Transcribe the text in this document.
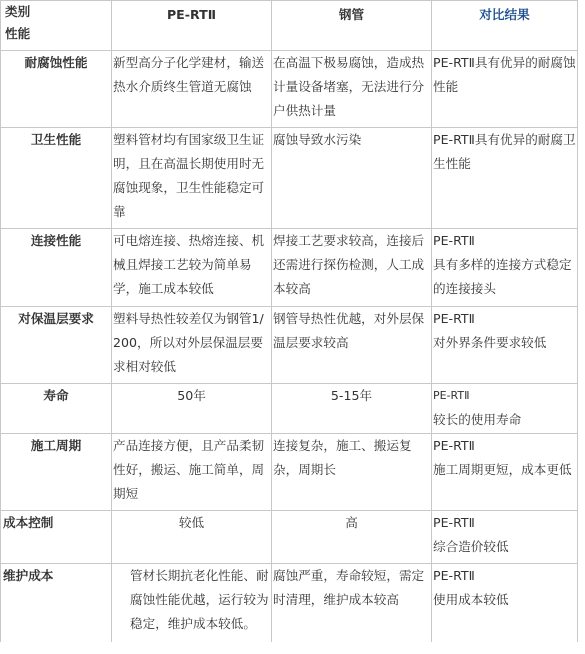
类别
性能	PE-RTⅡ	钢管	对比结果
耐腐蚀性能	新型高分子化学建材，输送热水介质终生管道无腐蚀	在高温下极易腐蚀，造成热计量设备堵塞，无法进行分户供热计量	PE-RTⅡ具有优异的耐腐蚀性能

卫生性能	塑料管材均有国家级卫生证明，且在高温长期使用时无腐蚀现象，卫生性能稳定可靠	腐蚀导致水污染	PE-RTⅡ具有优异的耐腐卫生性能

连接性能	可电熔连接、热熔连接、机械且焊接工艺较为简单易学，施工成本较低	焊接工艺要求较高，连接后还需进行探伤检测，人工成本较高	PE-RTⅡ
具有多样的连接方式稳定的连接接头

对保温层要求	塑料导热性较差仅为钢管1/200，所以对外层保温层要求相对较低	钢管导热性优越，对外层保温层要求较高	PE-RTⅡ
对外界条件要求较低

寿命	50年	5-15年	PE-RTⅡ
较长的使用寿命

施工周期	产品连接方便，且产品柔韧性好，搬运、施工简单，周期短	连接复杂，施工、搬运复杂，周期长	PE-RTⅡ
施工周期更短，成本更低

成本控制	较低	高	PE-RTⅡ
综合造价较低

维护成本	管材长期抗老化性能、耐腐蚀性能优越，运行较为稳定，维护成本较低。	腐蚀严重，寿命较短，需定时清理，维护成本较高	PE-RTⅡ
使用成本较低
